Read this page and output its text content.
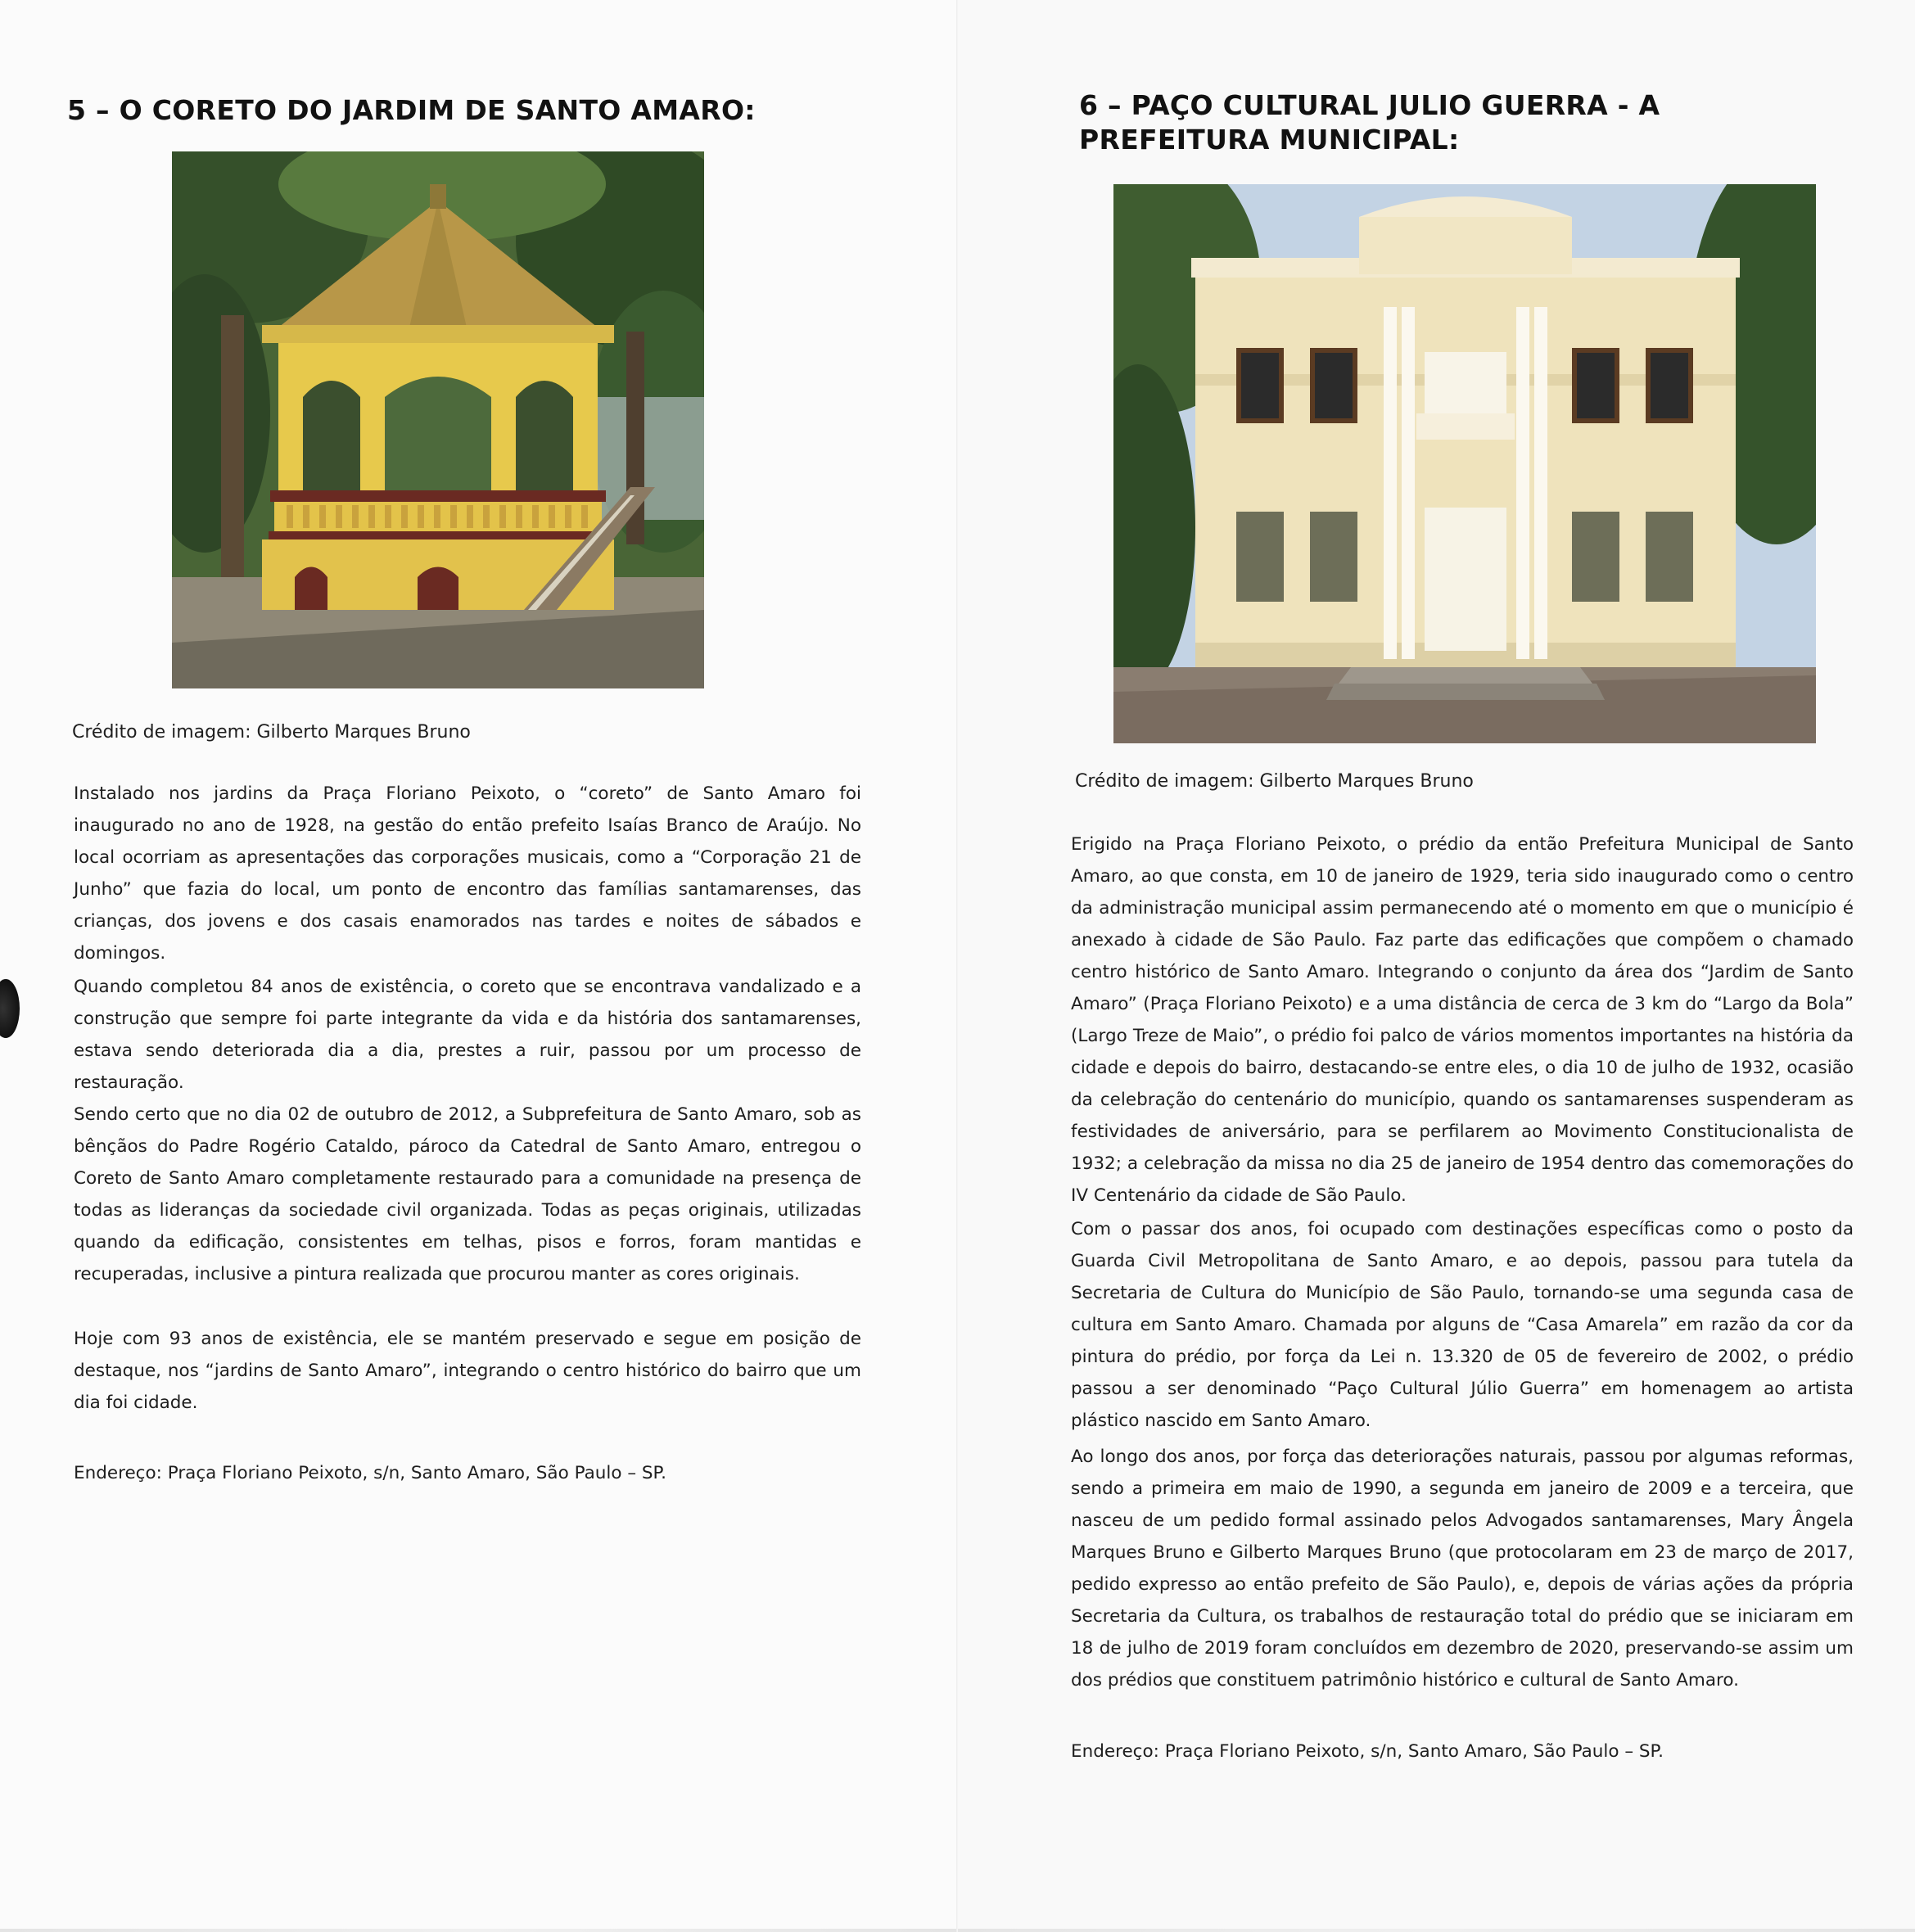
5 – O CORETO DO JARDIM DE SANTO AMARO:

Crédito de imagem: Gilberto Marques Bruno

Instalado nos jardins da Praça Floriano Peixoto, o “coreto” de Santo Amaro foi inaugurado no ano de 1928, na gestão do então prefeito Isaías Branco de Araújo. No local ocorriam as apresentações das corporações musicais, como a “Corporação 21 de Junho” que fazia do local, um ponto de encontro das famílias santamarenses, das crianças, dos jovens e dos casais enamorados nas tardes e noites de sábados e domingos.

Quando completou 84 anos de existência, o coreto que se encontrava vandalizado e a construção que sempre foi parte integrante da vida e da história dos santamarenses, estava sendo deteriorada dia a dia, prestes a ruir, passou por um processo de restauração.

Sendo certo que no dia 02 de outubro de 2012, a Subprefeitura de Santo Amaro, sob as bênçãos do Padre Rogério Cataldo, pároco da Catedral de Santo Amaro, entregou o Coreto de Santo Amaro completamente restaurado para a comunidade na presença de todas as lideranças da sociedade civil organizada. Todas as peças originais, utilizadas quando da edificação, consistentes em telhas, pisos e forros, foram mantidas e recuperadas, inclusive a pintura realizada que procurou manter as cores originais.

Hoje com 93 anos de existência, ele se mantém preservado e segue em posição de destaque, nos “jardins de Santo Amaro”, integrando o centro histórico do bairro que um dia foi cidade.

Endereço: Praça Floriano Peixoto, s/n, Santo Amaro, São Paulo – SP.

6 – PAÇO CULTURAL JULIO GUERRA - A PREFEITURA MUNICIPAL:

Crédito de imagem: Gilberto Marques Bruno

Erigido na Praça Floriano Peixoto, o prédio da então Prefeitura Municipal de Santo Amaro, ao que consta, em 10 de janeiro de 1929, teria sido inaugurado como o centro da administração municipal assim permanecendo até o momento em que o município é anexado à cidade de São Paulo. Faz parte das edificações que compõem o chamado centro histórico de Santo Amaro. Integrando o conjunto da área dos “Jardim de Santo Amaro” (Praça Floriano Peixoto) e a uma distância de cerca de 3 km do “Largo da Bola” (Largo Treze de Maio”, o prédio foi palco de vários momentos importantes na história da cidade e depois do bairro, destacando-se entre eles, o dia 10 de julho de 1932, ocasião da celebração do centenário do município, quando os santamarenses suspenderam as festividades de aniversário, para se perfilarem ao Movimento Constitucionalista de 1932; a celebração da missa no dia 25 de janeiro de 1954 dentro das comemorações do IV Centenário da cidade de São Paulo.

Com o passar dos anos, foi ocupado com destinações específicas como o posto da Guarda Civil Metropolitana de Santo Amaro, e ao depois, passou para tutela da Secretaria de Cultura do Município de São Paulo, tornando-se uma segunda casa de cultura em Santo Amaro. Chamada por alguns de “Casa Amarela” em razão da cor da pintura do prédio, por força da Lei n. 13.320 de 05 de fevereiro de 2002, o prédio passou a ser denominado “Paço Cultural Júlio Guerra” em homenagem ao artista plástico nascido em Santo Amaro.

Ao longo dos anos, por força das deteriorações naturais, passou por algumas reformas, sendo a primeira em maio de 1990, a segunda em janeiro de 2009 e a terceira, que nasceu de um pedido formal assinado pelos Advogados santamarenses, Mary Ângela Marques Bruno e Gilberto Marques Bruno (que protocolaram em 23 de março de 2017, pedido expresso ao então prefeito de São Paulo), e, depois de várias ações da própria Secretaria da Cultura, os trabalhos de restauração total do prédio que se iniciaram em 18 de julho de 2019 foram concluídos em dezembro de 2020, preservando-se assim um dos prédios que constituem patrimônio histórico e cultural de Santo Amaro.

Endereço: Praça Floriano Peixoto, s/n, Santo Amaro, São Paulo – SP.
